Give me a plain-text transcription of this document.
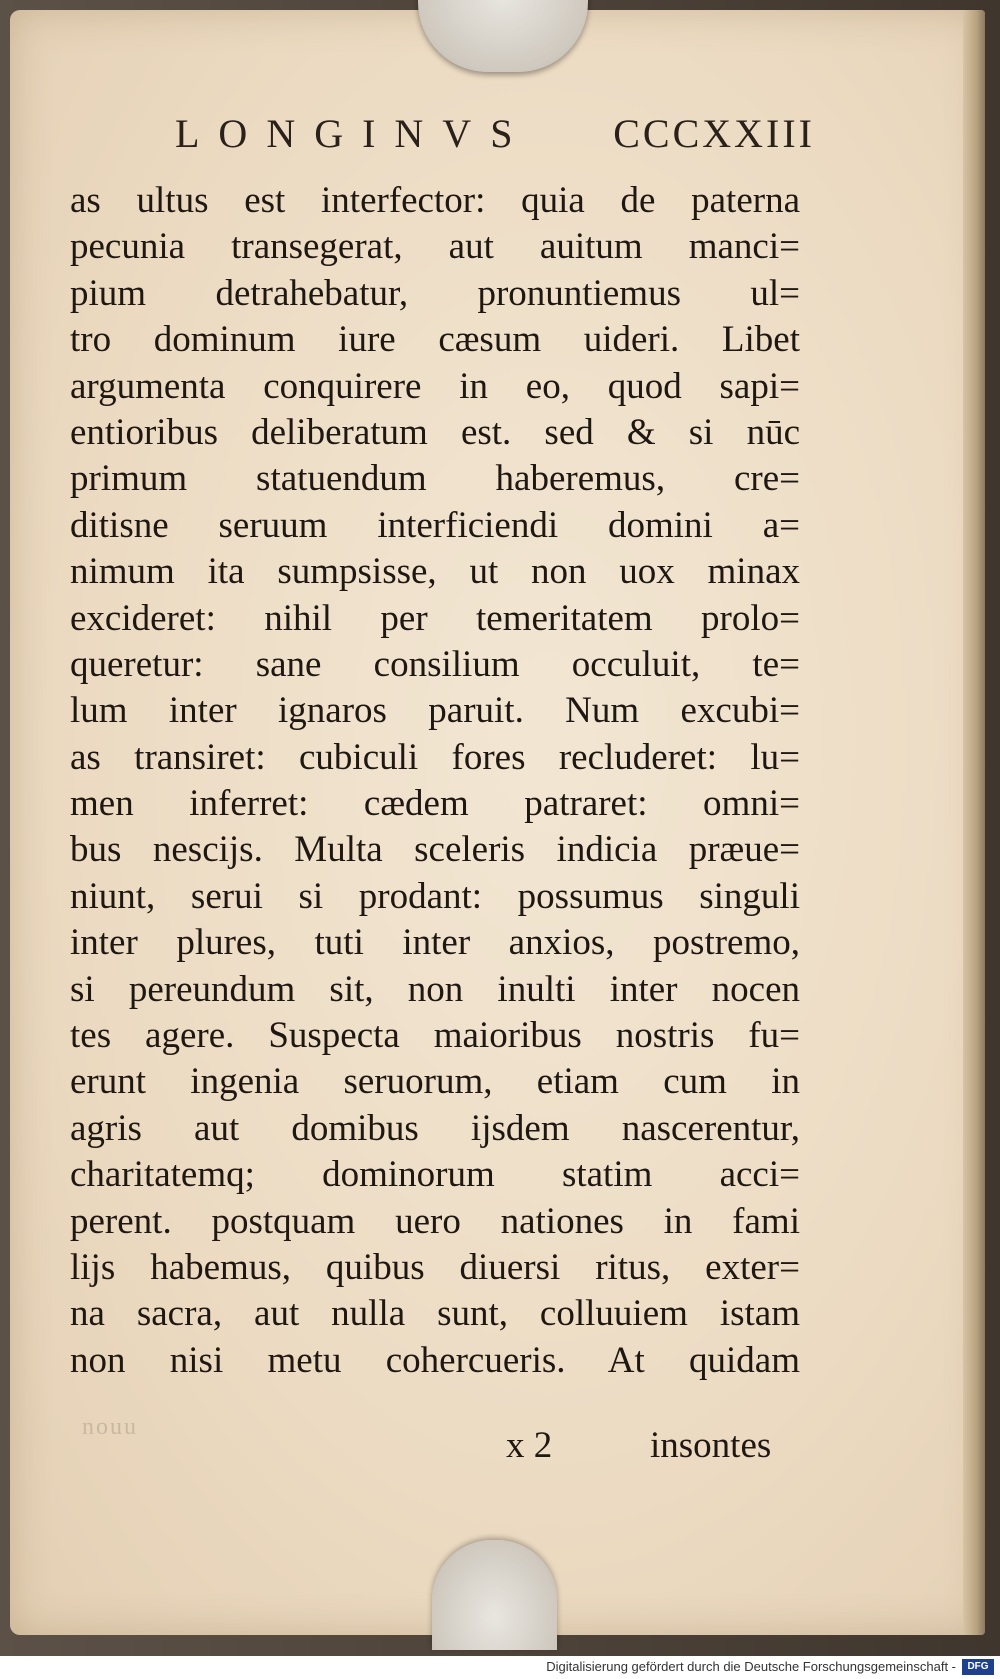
LONGINVS CCCXXIII
as ultus est interfector: quia de paterna
pecunia transegerat, aut auitum manci=
pium detrahebatur, pronuntiemus ul=
tro dominum iure cæsum uideri. Libet
argumenta conquirere in eo, quod sapi=
entioribus deliberatum est. sed & si nūc
primum statuendum haberemus, cre=
ditisne seruum interficiendi domini a=
nimum ita sumpsisse, ut non uox minax
excideret: nihil per temeritatem prolo=
queretur: sane consilium occuluit, te=
lum inter ignaros paruit. Num excubi=
as transiret: cubiculi fores recluderet: lu=
men inferret: cædem patraret: omni=
bus nescijs. Multa sceleris indicia præue=
niunt, serui si prodant: possumus singuli
inter plures, tuti inter anxios, postremo,
si pereundum sit, non inulti inter nocen
tes agere. Suspecta maioribus nostris fu=
erunt ingenia seruorum, etiam cum in
agris aut domibus ijsdem nascerentur,
charitatemq; dominorum statim acci=
perent. postquam uero nationes in fami
lijs habemus, quibus diuersi ritus, exter=
na sacra, aut nulla sunt, colluuiem istam
non nisi metu cohercueris. At quidam
nouu	x 2	insontes
Digitalisierung gefördert durch die Deutsche Forschungsgemeinschaft -	DFG
